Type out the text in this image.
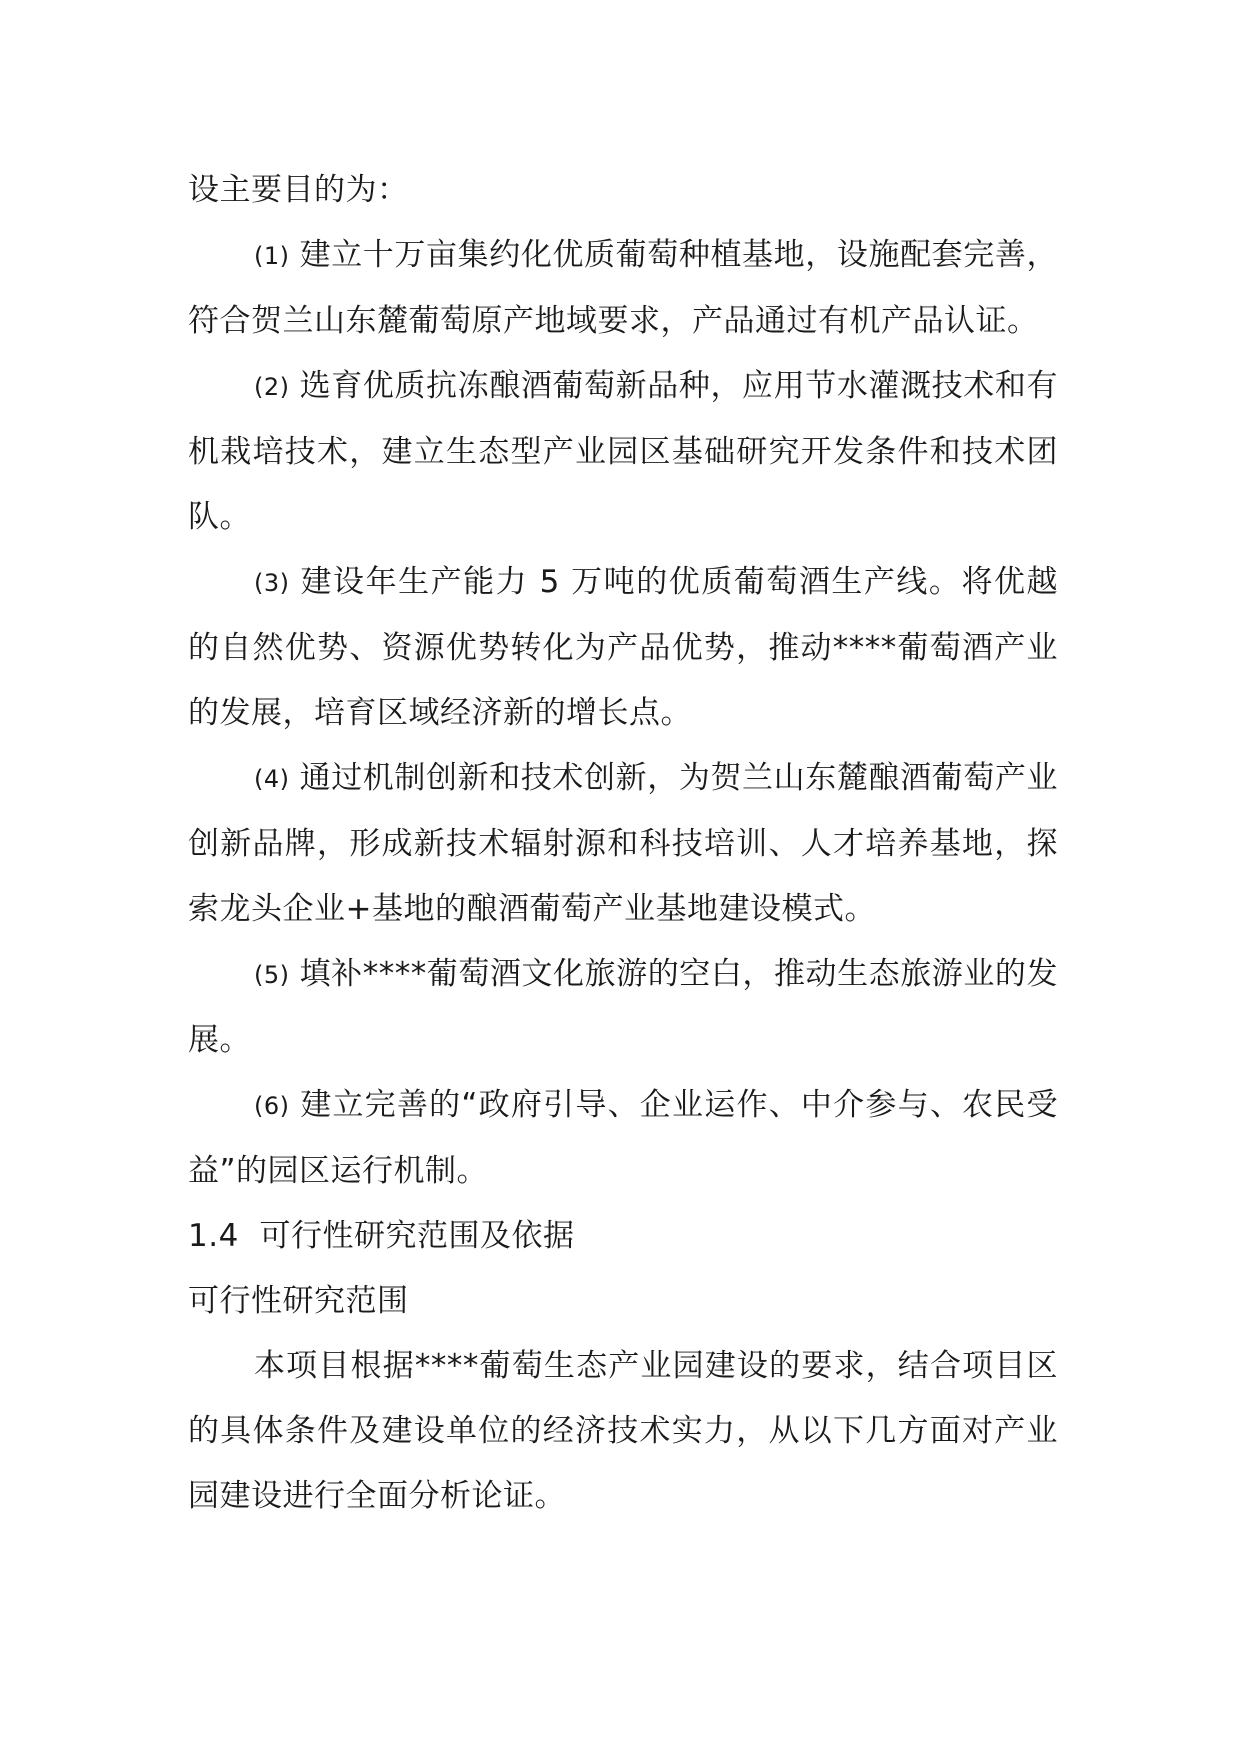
设主要目的为：

(1) 建立十万亩集约化优质葡萄种植基地，设施配套完善，符合贺兰山东麓葡萄原产地域要求，产品通过有机产品认证。

(2) 选育优质抗冻酿酒葡萄新品种，应用节水灌溉技术和有机栽培技术，建立生态型产业园区基础研究开发条件和技术团队。

(3) 建设年生产能力 5 万吨的优质葡萄酒生产线。将优越的自然优势、资源优势转化为产品优势，推动****葡萄酒产业的发展，培育区域经济新的增长点。

(4) 通过机制创新和技术创新，为贺兰山东麓酿酒葡萄产业创新品牌，形成新技术辐射源和科技培训、人才培养基地，探索龙头企业+基地的酿酒葡萄产业基地建设模式。

(5) 填补****葡萄酒文化旅游的空白，推动生态旅游业的发展。

(6) 建立完善的“政府引导、企业运作、中介参与、农民受益”的园区运行机制。

1.4  可行性研究范围及依据

可行性研究范围

本项目根据****葡萄生态产业园建设的要求，结合项目区的具体条件及建设单位的经济技术实力，从以下几方面对产业园建设进行全面分析论证。
